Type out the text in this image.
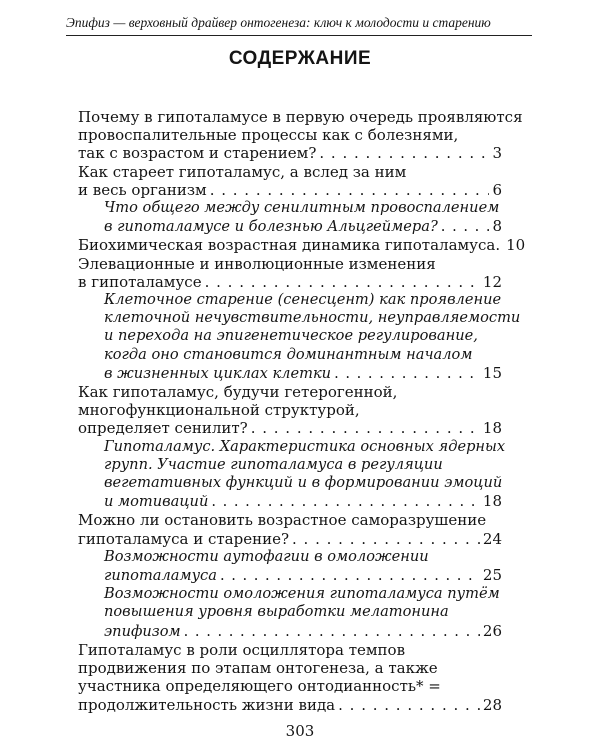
Эпифиз — верховный драйвер онтогенеза: ключ к молодости и старению
СОДЕРЖАНИЕ
Почему в гипоталамусе в первую очередь проявляются
провоспалительные процессы как с болезнями,
так с возрастом и старением? . . .	3
Как стареет гипоталамус, а вслед за ним
и весь организм . . .	6
Что общего между сенилитным провоспалением
в гипоталамусе и болезнью Альцгеймера? . . .	8
Биохимическая возрастная динамика гипоталамуса. 10
Элевационные и инволюционные изменения
в гипоталамусе . . .	12
Клеточное старение (сенесцент) как проявление
клеточной нечувствительности, неуправляемости
и перехода на эпигенетическое регулирование,
когда оно становится доминантным началом
в жизненных циклах клетки . . .	15
Как гипоталамус, будучи гетерогенной,
многофункциональной структурой,
определяет сенилит? . . .	18
Гипоталамус. Характеристика основных ядерных
групп. Участие гипоталамуса в регуляции
вегетативных функций и в формировании эмоций
и мотиваций . . .	18
Можно ли остановить возрастное саморазрушение
гипоталамуса и старение? . . .	24
Возможности аутофагии в омоложении
гипоталамуса . . .	25
Возможности омоложения гипоталамуса путём
повышения уровня выработки мелатонина
эпифизом . . .	26
Гипоталамус в роли осциллятора темпов
продвижения по этапам онтогенеза, а также
участника определяющего онтодианность* =
продолжительность жизни вида . . .	28
303
